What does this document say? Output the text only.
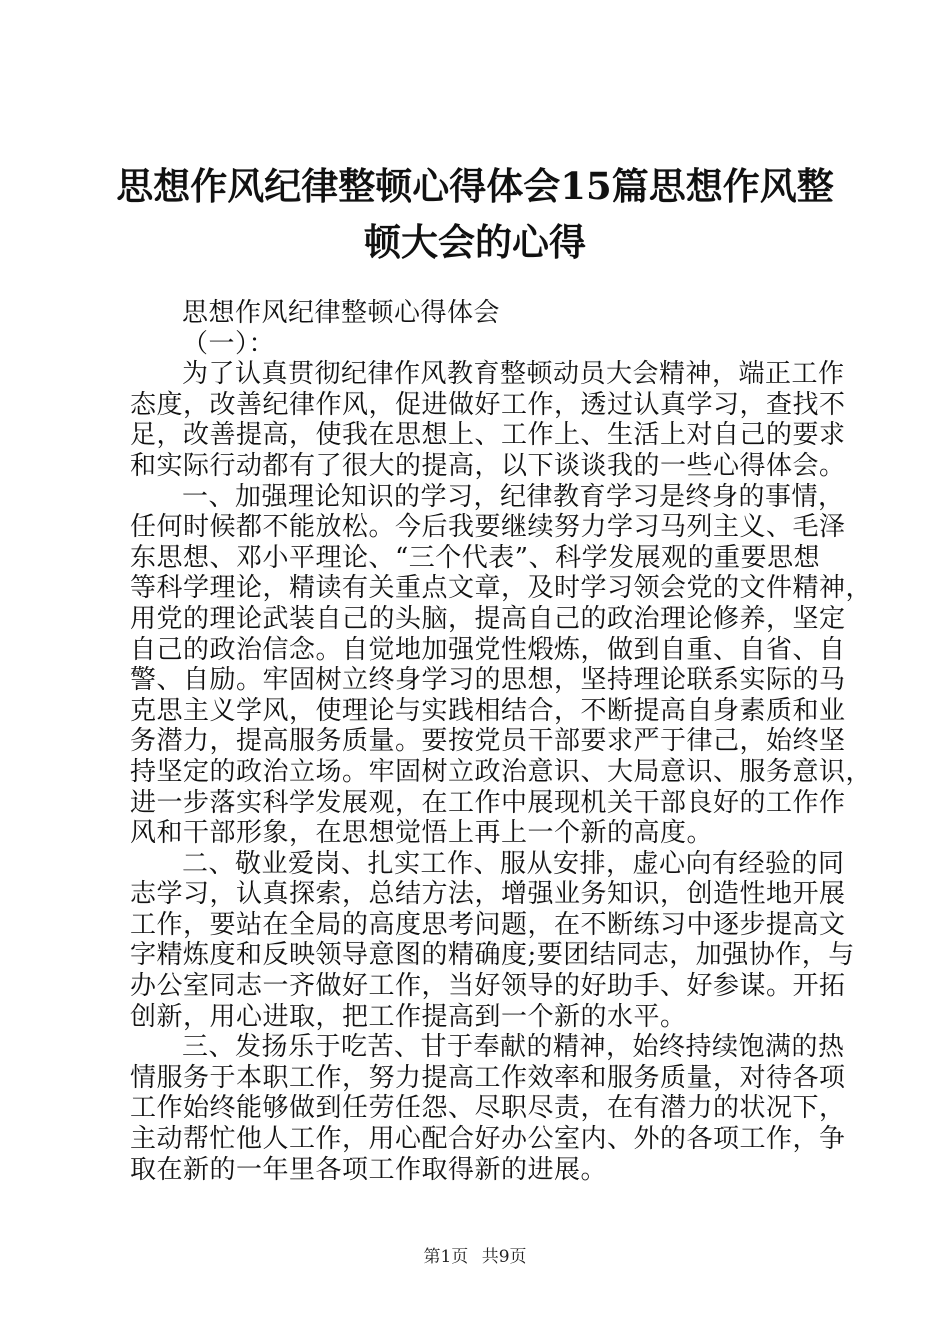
思想作风纪律整顿心得体会15篇思想作风整
顿大会的心得
思想作风纪律整顿心得体会
（一）：
为了认真贯彻纪律作风教育整顿动员大会精神，端正工作
态度，改善纪律作风，促进做好工作，透过认真学习，查找不
足，改善提高，使我在思想上、工作上、生活上对自己的要求
和实际行动都有了很大的提高，以下谈谈我的一些心得体会。
一、加强理论知识的学习，纪律教育学习是终身的事情，
任何时候都不能放松。今后我要继续努力学习马列主义、毛泽
东思想、邓小平理论、“三个代表”、科学发展观的重要思想
等科学理论，精读有关重点文章，及时学习领会党的文件精神，
用党的理论武装自己的头脑，提高自己的政治理论修养，坚定
自己的政治信念。自觉地加强党性煅炼，做到自重、自省、自
警、自励。牢固树立终身学习的思想，坚持理论联系实际的马
克思主义学风，使理论与实践相结合，不断提高自身素质和业
务潜力，提高服务质量。要按党员干部要求严于律己，始终坚
持坚定的政治立场。牢固树立政治意识、大局意识、服务意识，
进一步落实科学发展观，在工作中展现机关干部良好的工作作
风和干部形象，在思想觉悟上再上一个新的高度。
二、敬业爱岗、扎实工作、服从安排，虚心向有经验的同
志学习，认真探索，总结方法，增强业务知识，创造性地开展
工作，要站在全局的高度思考问题，在不断练习中逐步提高文
字精炼度和反映领导意图的精确度;要团结同志，加强协作，与
办公室同志一齐做好工作，当好领导的好助手、好参谋。开拓
创新，用心进取，把工作提高到一个新的水平。
三、发扬乐于吃苦、甘于奉献的精神，始终持续饱满的热
情服务于本职工作，努力提高工作效率和服务质量，对待各项
工作始终能够做到任劳任怨、尽职尽责，在有潜力的状况下，
主动帮忙他人工作，用心配合好办公室内、外的各项工作，争
取在新的一年里各项工作取得新的进展。
第1页 共9页
